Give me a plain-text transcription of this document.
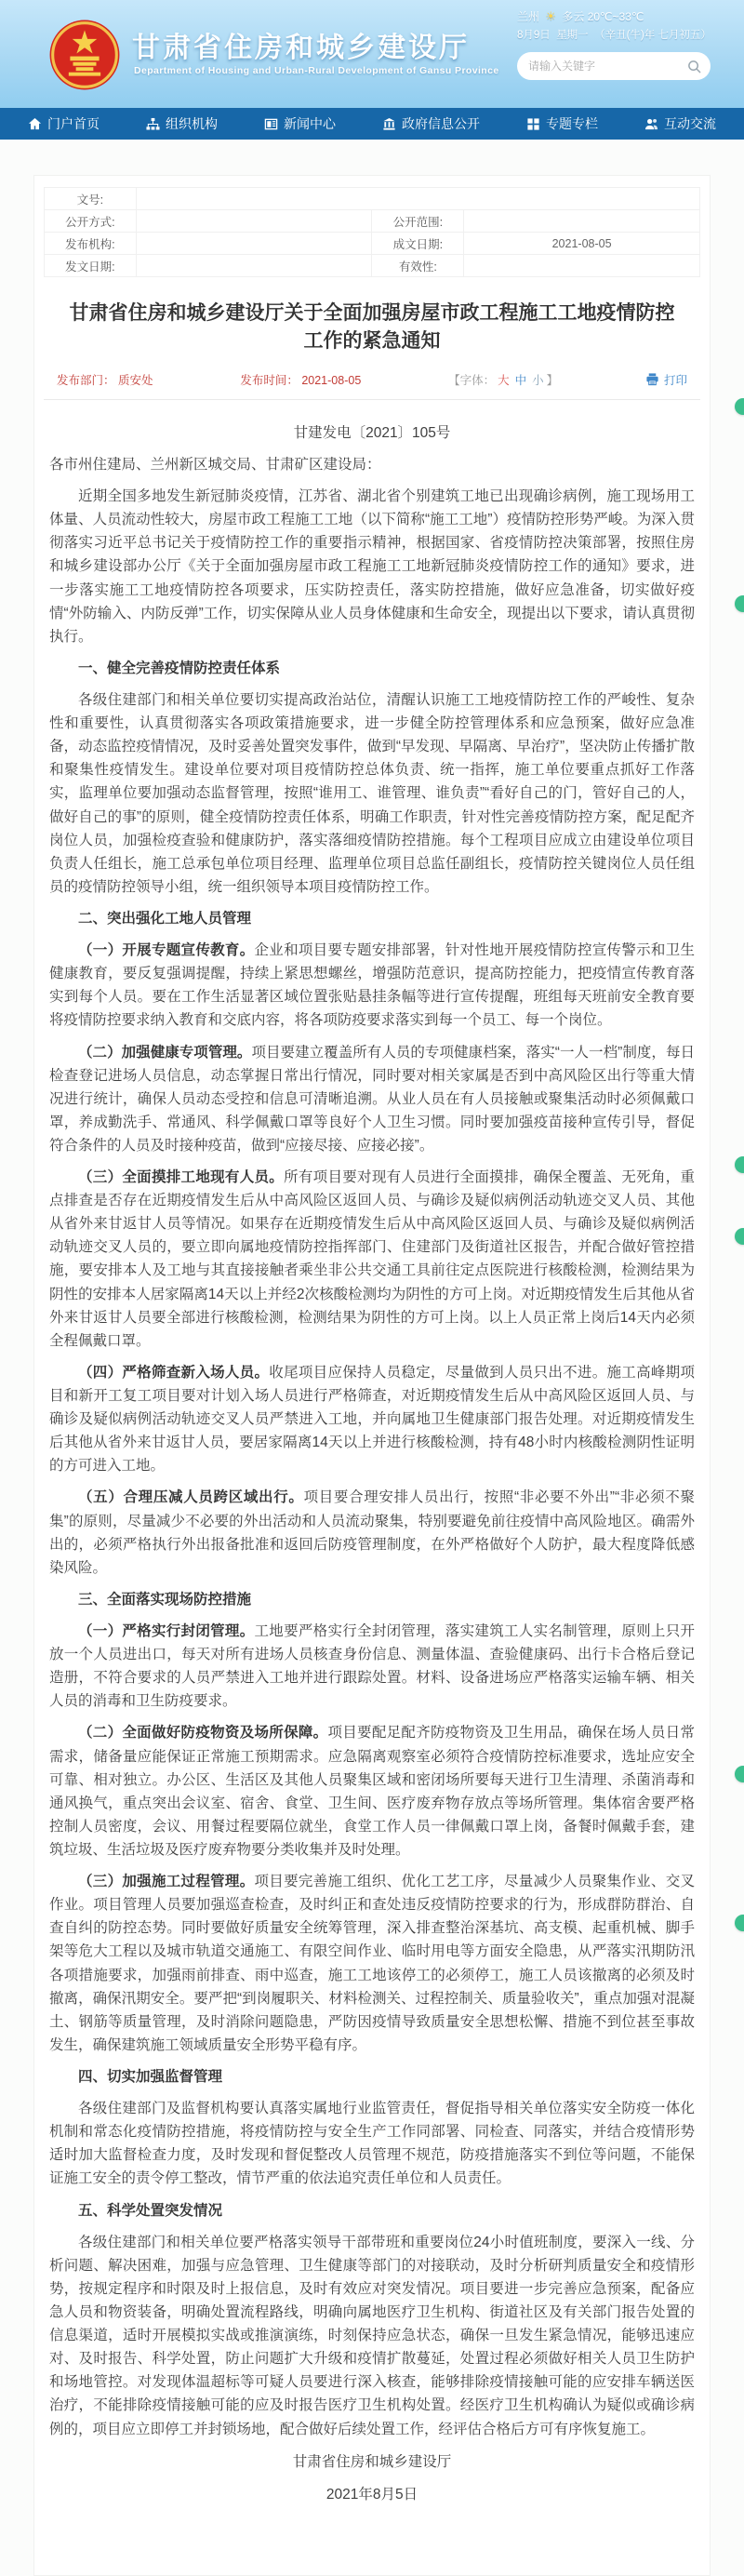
甘肃省住房和城乡建设厅
Department of Housing and Urban-Rural Development of Gansu Province
兰州 ☀ 多云 20℃~33℃
8月9日 星期一 （辛丑(牛)年 七月初五）
请输入关键字
门户首页	组织机构	新闻中心	政府信息公开	专题专栏	互动交流
文号:			
公开方式:		公开范围:	
发布机构:		成文日期:	2021-08-05
发文日期:		有效性:	
甘肃省住房和城乡建设厅关于全面加强房屋市政工程施工工地疫情防控工作的紧急通知
发布部门： 质安处	发布时间： 2021-08-05	【字体： 大 中 小 】	打印

甘建发电〔2021〕105号

各市州住建局、兰州新区城交局、甘肃矿区建设局：

近期全国多地发生新冠肺炎疫情，江苏省、湖北省个别建筑工地已出现确诊病例，施工现场用工体量、人员流动性较大，房屋市政工程施工工地（以下简称“施工工地”）疫情防控形势严峻。为深入贯彻落实习近平总书记关于疫情防控工作的重要指示精神，根据国家、省疫情防控决策部署，按照住房和城乡建设部办公厅《关于全面加强房屋市政工程施工工地新冠肺炎疫情防控工作的通知》要求，进一步落实施工工地疫情防控各项要求，压实防控责任，落实防控措施，做好应急准备，切实做好疫情“外防输入、内防反弹”工作，切实保障从业人员身体健康和生命安全，现提出以下要求，请认真贯彻执行。

一、健全完善疫情防控责任体系

各级住建部门和相关单位要切实提高政治站位，清醒认识施工工地疫情防控工作的严峻性、复杂性和重要性，认真贯彻落实各项政策措施要求，进一步健全防控管理体系和应急预案，做好应急准备，动态监控疫情情况，及时妥善处置突发事件，做到“早发现、早隔离、早治疗”，坚决防止传播扩散和聚集性疫情发生。建设单位要对项目疫情防控总体负责、统一指挥，施工单位要重点抓好工作落实，监理单位要加强动态监督管理，按照“谁用工、谁管理、谁负责”“看好自己的门，管好自己的人，做好自己的事”的原则，健全疫情防控责任体系，明确工作职责，针对性完善疫情防控方案，配足配齐岗位人员，加强检疫查验和健康防护，落实落细疫情防控措施。每个工程项目应成立由建设单位项目负责人任组长，施工总承包单位项目经理、监理单位项目总监任副组长，疫情防控关键岗位人员任组员的疫情防控领导小组，统一组织领导本项目疫情防控工作。

二、突出强化工地人员管理

（一）开展专题宣传教育。企业和项目要专题安排部署，针对性地开展疫情防控宣传警示和卫生健康教育，要反复强调提醒，持续上紧思想螺丝，增强防范意识，提高防控能力，把疫情宣传教育落实到每个人员。要在工作生活显著区域位置张贴悬挂条幅等进行宣传提醒，班组每天班前安全教育要将疫情防控要求纳入教育和交底内容，将各项防疫要求落实到每一个员工、每一个岗位。

（二）加强健康专项管理。项目要建立覆盖所有人员的专项健康档案，落实“一人一档”制度，每日检查登记进场人员信息，动态掌握日常出行情况，同时要对相关家属是否到中高风险区出行等重大情况进行统计，确保人员动态受控和信息可清晰追溯。从业人员在有人员接触或聚集活动时必须佩戴口罩，养成勤洗手、常通风、科学佩戴口罩等良好个人卫生习惯。同时要加强疫苗接种宣传引导，督促符合条件的人员及时接种疫苗，做到“应接尽接、应接必接”。

（三）全面摸排工地现有人员。所有项目要对现有人员进行全面摸排，确保全覆盖、无死角，重点排查是否存在近期疫情发生后从中高风险区返回人员、与确诊及疑似病例活动轨迹交叉人员、其他从省外来甘返甘人员等情况。如果存在近期疫情发生后从中高风险区返回人员、与确诊及疑似病例活动轨迹交叉人员的，要立即向属地疫情防控指挥部门、住建部门及街道社区报告，并配合做好管控措施，要安排本人及工地与其直接接触者乘坐非公共交通工具前往定点医院进行核酸检测，检测结果为阴性的安排本人居家隔离14天以上并经2次核酸检测均为阴性的方可上岗。对近期疫情发生后其他从省外来甘返甘人员要全部进行核酸检测，检测结果为阴性的方可上岗。以上人员正常上岗后14天内必须全程佩戴口罩。

（四）严格筛查新入场人员。收尾项目应保持人员稳定，尽量做到人员只出不进。施工高峰期项目和新开工复工项目要对计划入场人员进行严格筛查，对近期疫情发生后从中高风险区返回人员、与确诊及疑似病例活动轨迹交叉人员严禁进入工地，并向属地卫生健康部门报告处理。对近期疫情发生后其他从省外来甘返甘人员，要居家隔离14天以上并进行核酸检测，持有48小时内核酸检测阴性证明的方可进入工地。

（五）合理压减人员跨区域出行。项目要合理安排人员出行，按照“非必要不外出”“非必须不聚集”的原则，尽量减少不必要的外出活动和人员流动聚集，特别要避免前往疫情中高风险地区。确需外出的，必须严格执行外出报备批准和返回后防疫管理制度，在外严格做好个人防护，最大程度降低感染风险。

三、全面落实现场防控措施

（一）严格实行封闭管理。工地要严格实行全封闭管理，落实建筑工人实名制管理，原则上只开放一个人员进出口，每天对所有进场人员核查身份信息、测量体温、查验健康码、出行卡合格后登记造册，不符合要求的人员严禁进入工地并进行跟踪处置。材料、设备进场应严格落实运输车辆、相关人员的消毒和卫生防疫要求。

（二）全面做好防疫物资及场所保障。项目要配足配齐防疫物资及卫生用品，确保在场人员日常需求，储备量应能保证正常施工预期需求。应急隔离观察室必须符合疫情防控标准要求，选址应安全可靠、相对独立。办公区、生活区及其他人员聚集区域和密闭场所要每天进行卫生清理、杀菌消毒和通风换气，重点突出会议室、宿舍、食堂、卫生间、医疗废弃物存放点等场所管理。集体宿舍要严格控制人员密度，会议、用餐过程要隔位就坐，食堂工作人员一律佩戴口罩上岗，备餐时佩戴手套，建筑垃圾、生活垃圾及医疗废弃物要分类收集并及时处理。

（三）加强施工过程管理。项目要完善施工组织、优化工艺工序，尽量减少人员聚集作业、交叉作业。项目管理人员要加强巡查检查，及时纠正和查处违反疫情防控要求的行为，形成群防群治、自查自纠的防控态势。同时要做好质量安全统筹管理，深入排查整治深基坑、高支模、起重机械、脚手架等危大工程以及城市轨道交通施工、有限空间作业、临时用电等方面安全隐患，从严落实汛期防汛各项措施要求，加强雨前排查、雨中巡查，施工工地该停工的必须停工，施工人员该撤离的必须及时撤离，确保汛期安全。要严把“到岗履职关、材料检测关、过程控制关、质量验收关”，重点加强对混凝土、钢筋等质量管理，及时消除问题隐患，严防因疫情导致质量安全思想松懈、措施不到位甚至事故发生，确保建筑施工领域质量安全形势平稳有序。

四、切实加强监督管理

各级住建部门及监督机构要认真落实属地行业监管责任，督促指导相关单位落实安全防疫一体化机制和常态化疫情防控措施，将疫情防控与安全生产工作同部署、同检查、同落实，并结合疫情形势适时加大监督检查力度，及时发现和督促整改人员管理不规范，防疫措施落实不到位等问题，不能保证施工安全的责令停工整改，情节严重的依法追究责任单位和人员责任。

五、科学处置突发情况

各级住建部门和相关单位要严格落实领导干部带班和重要岗位24小时值班制度，要深入一线、分析问题、解决困难，加强与应急管理、卫生健康等部门的对接联动，及时分析研判质量安全和疫情形势，按规定程序和时限及时上报信息，及时有效应对突发情况。项目要进一步完善应急预案，配备应急人员和物资装备，明确处置流程路线，明确向属地医疗卫生机构、街道社区及有关部门报告处置的信息渠道，适时开展模拟实战或推演演练，时刻保持应急状态，确保一旦发生紧急情况，能够迅速应对、及时报告、科学处置，防止问题扩大升级和疫情扩散蔓延，处置过程必须做好相关人员卫生防护和场地管控。对发现体温超标等可疑人员要进行深入核查，能够排除疫情接触可能的应安排车辆送医治疗，不能排除疫情接触可能的应及时报告医疗卫生机构处置。经医疗卫生机构确认为疑似或确诊病例的，项目应立即停工并封锁场地，配合做好后续处置工作，经评估合格后方可有序恢复施工。

甘肃省住房和城乡建设厅

2021年8月5日
